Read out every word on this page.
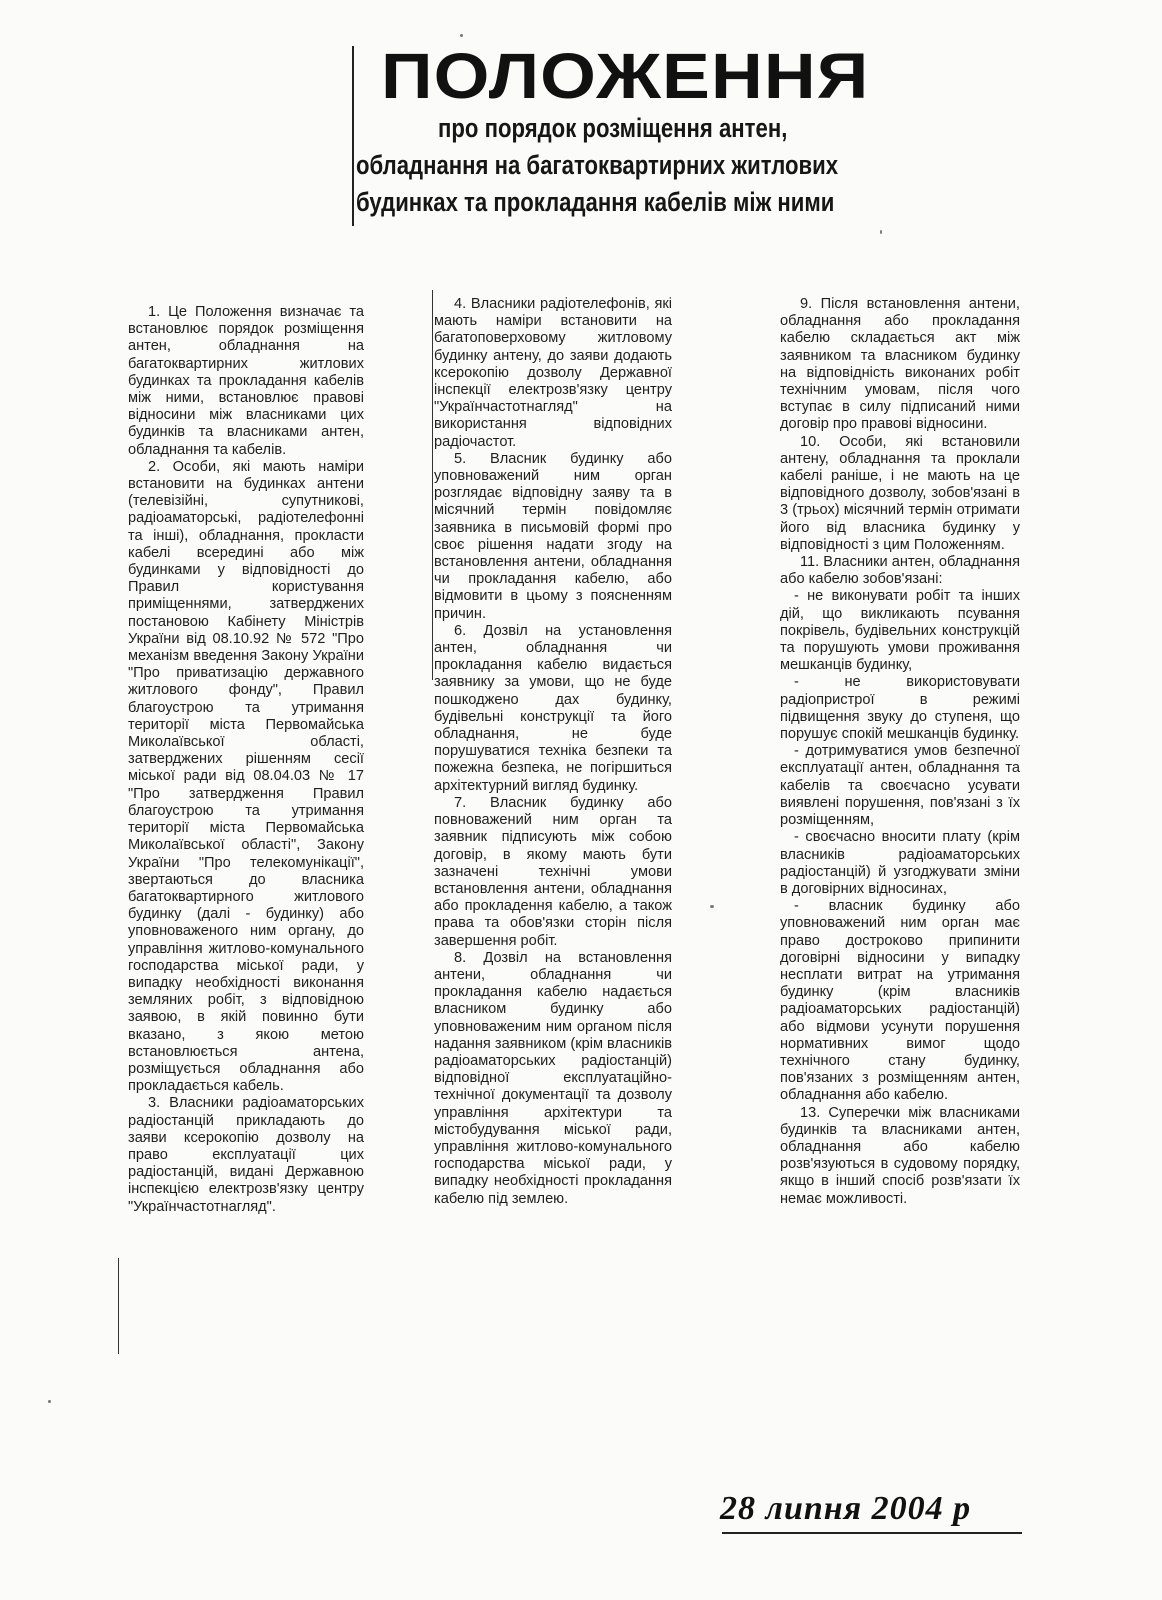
ПОЛОЖЕННЯ
про порядок розміщення антен,
обладнання на багатоквартирних житлових
будинках та прокладання кабелів між ними

1. Це Положення визначає та встановлює порядок розміщення антен, обладнання на багатоквартирних житлових будинках та прокладання кабелів між ними, встановлює правові відносини між власниками цих будинків та власниками антен, обладнання та кабелів.

2. Особи, які мають наміри встановити на будинках антени (телевізійні, супутникові, радіоаматорські, радіотелефонні та інші), обладнання, прокласти кабелі всередині або між будинками у відповідності до Правил користування приміщеннями, затверджених постановою Кабінету Міністрів України від 08.10.92 № 572 "Про механізм введення Закону України "Про приватизацію державного житлового фонду", Правил благоустрою та утримання території міста Первомайська Миколаївської області, затверджених рішенням сесії міської ради від 08.04.03 № 17 "Про затвердження Правил благоустрою та утримання території міста Первомайська Миколаївської області", Закону України "Про телекомунікації", звертаються до власника багатоквартирного житлового будинку (далі - будинку) або уповноваженого ним органу, до управління житлово-комунального господарства міської ради, у випадку необхідності виконання земляних робіт, з відповідною заявою, в якій повинно бути вказано, з якою метою встановлюється антена, розміщується обладнання або прокладається кабель.

3. Власники радіоаматорських радіостанцій прикладають до заяви ксерокопію дозволу на право експлуатації цих радіостанцій, видані Державною інспекцією електрозв'язку центру "Українчастотнагляд".

4. Власники радіотелефонів, які мають наміри встановити на багатоповерховому житловому будинку антену, до заяви додають ксерокопію дозволу Державної інспекції електрозв'язку центру "Українчастотнагляд" на використання відповідних радіочастот.

5. Власник будинку або уповноважений ним орган розглядає відповідну заяву та в місячний термін повідомляє заявника в письмовій формі про своє рішення надати згоду на встановлення антени, обладнання чи прокладання кабелю, або відмовити в цьому з поясненням причин.

6. Дозвіл на установлення антен, обладнання чи прокладання кабелю видається заявнику за умови, що не буде пошкоджено дах будинку, будівельні конструкції та його обладнання, не буде порушуватися техніка безпеки та пожежна безпека, не погіршиться архітектурний вигляд будинку.

7. Власник будинку або повноважений ним орган та заявник підписують між собою договір, в якому мають бути зазначені технічні умови встановлення антени, обладнання або прокладення кабелю, а також права та обов'язки сторін після завершення робіт.

8. Дозвіл на встановлення антени, обладнання чи прокладання кабелю надається власником будинку або уповноваженим ним органом після надання заявником (крім власників радіоаматорських радіостанцій) відповідної експлуатаційно-технічної документації та дозволу управління архітектури та містобудування міської ради, управління житлово-комунального господарства міської ради, у випадку необхідності прокладання кабелю під землею.

9. Після встановлення антени, обладнання або прокладання кабелю складається акт між заявником та власником будинку на відповідність виконаних робіт технічним умовам, після чого вступає в силу підписаний ними договір про правові відносини.

10. Особи, які встановили антену, обладнання та проклали кабелі раніше, і не мають на це відповідного дозволу, зобов'язані в 3 (трьох) місячний термін отримати його від власника будинку у відповідності з цим Положенням.

11. Власники антен, обладнання або кабелю зобов'язані:

- не виконувати робіт та інших дій, що викликають псування покрівель, будівельних конструкцій та порушують умови проживання мешканців будинку,

- не використовувати радіопристрої в режимі підвищення звуку до ступеня, що порушує спокій мешканців будинку.

- дотримуватися умов безпечної експлуатації антен, обладнання та кабелів та своєчасно усувати виявлені порушення, пов'язані з їх розміщенням,

- своєчасно вносити плату (крім власників радіоаматорських радіостанцій) й узгоджувати зміни в договірних відносинах,

- власник будинку або уповноважений ним орган має право достроково припинити договірні відносини у випадку несплати витрат на утримання будинку (крім власників радіоаматорських радіостанцій) або відмови усунути порушення нормативних вимог щодо технічного стану будинку, пов'язаних з розміщенням антен, обладнання або кабелю.

13. Суперечки між власниками будинків та власниками антен, обладнання або кабелю розв'язуються в судовому порядку, якщо в інший спосіб розв'язати їх немає можливості.

28 липня 2004 р
